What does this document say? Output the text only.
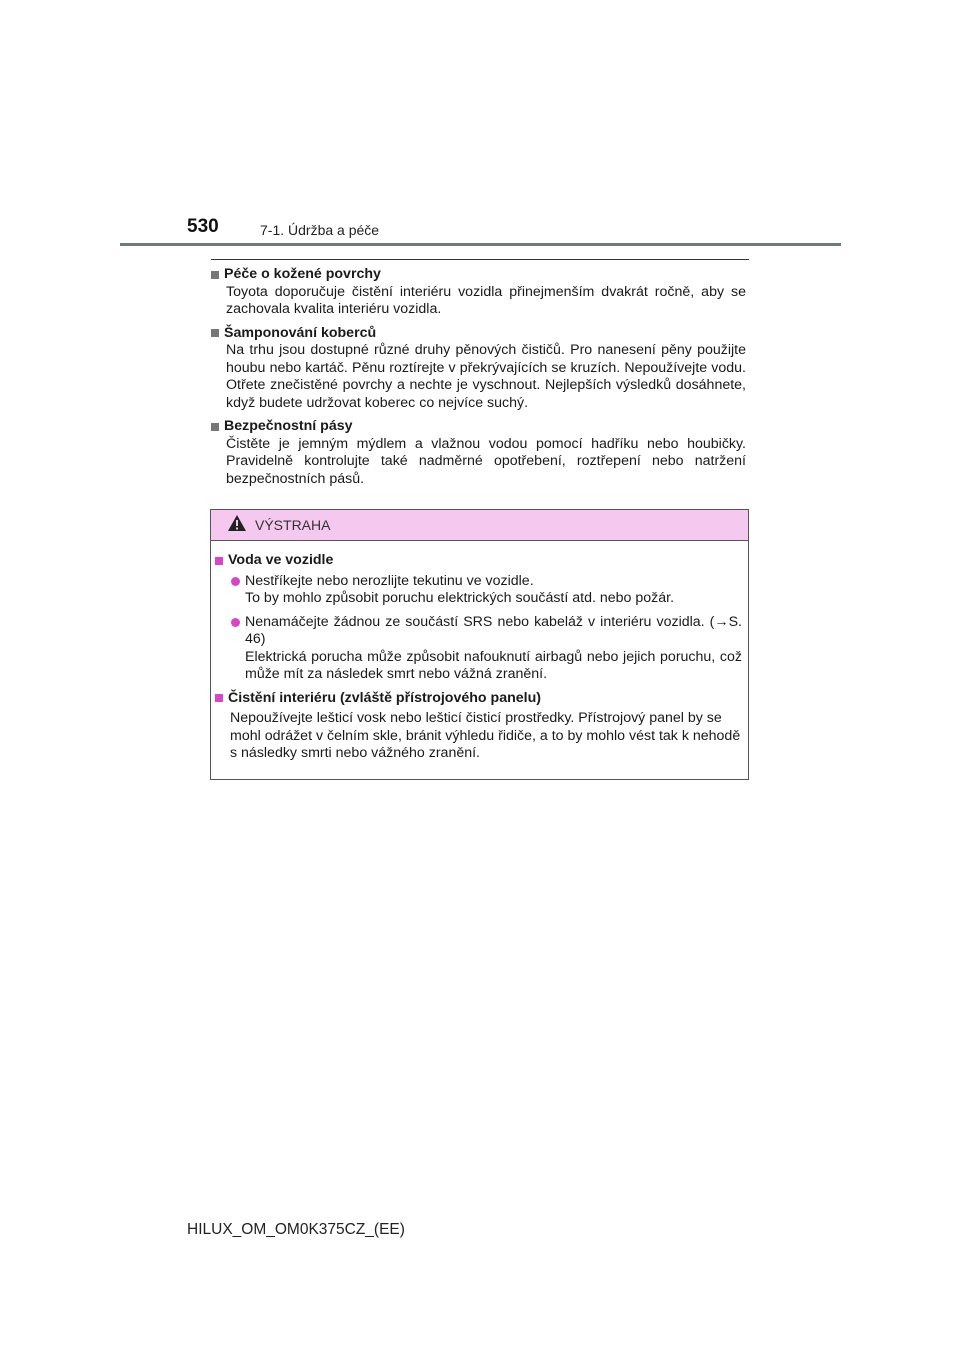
530	7-1. Údržba a péče

Péče o kožené povrchy

Toyota doporučuje čistění interiéru vozidla přinejmenším dvakrát ročně, aby se zachovala kvalita interiéru vozidla.

Šamponování koberců

Na trhu jsou dostupné různé druhy pěnových čističů. Pro nanesení pěny použijte houbu nebo kartáč. Pěnu roztírejte v překrývajících se kruzích. Nepoužívejte vodu. Otřete znečistěné povrchy a nechte je vyschnout. Nejlepších výsledků dosáhnete, když budete udržovat koberec co nejvíce suchý.

Bezpečnostní pásy

Čistěte je jemným mýdlem a vlažnou vodou pomocí hadříku nebo houbičky. Pravidelně kontrolujte také nadměrné opotřebení, roztřepení nebo natržení bezpečnostních pásů.

VÝSTRAHA

Voda ve vozidle

Nestříkejte nebo nerozlijte tekutinu ve vozidle.
To by mohlo způsobit poruchu elektrických součástí atd. nebo požár.
Nenamáčejte žádnou ze součástí SRS nebo kabeláž v interiéru vozidla. (→S. 46)
Elektrická porucha může způsobit nafouknutí airbagů nebo jejich poruchu, což může mít za následek smrt nebo vážná zranění.

Čistění interiéru (zvláště přístrojového panelu)

Nepoužívejte lešticí vosk nebo lešticí čisticí prostředky. Přístrojový panel by se mohl odrážet v čelním skle, bránit výhledu řidiče, a to by mohlo vést tak k nehodě s následky smrti nebo vážného zranění.

HILUX_OM_OM0K375CZ_(EE)
